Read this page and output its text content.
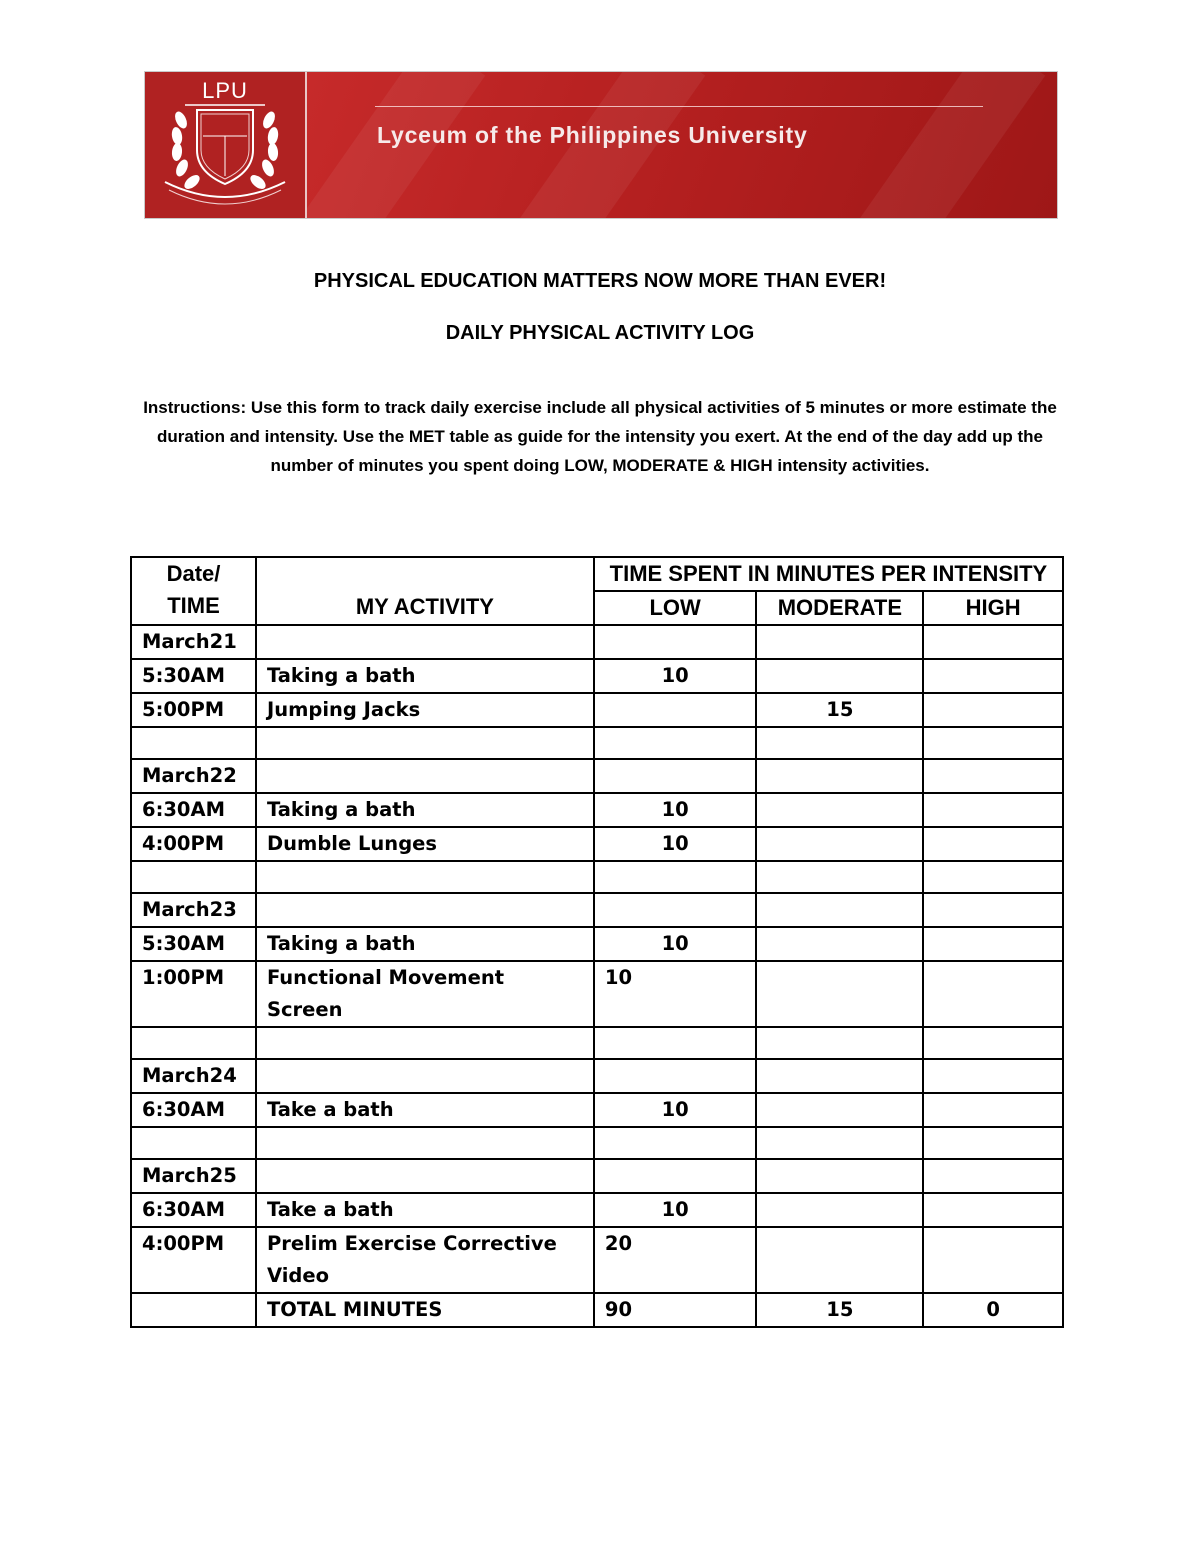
LPU
Lyceum of the Philippines University
PHYSICAL EDUCATION MATTERS NOW MORE THAN EVER!
DAILY PHYSICAL ACTIVITY LOG
Instructions: Use this form to track daily exercise include all physical activities of 5 minutes or more estimate the duration and intensity. Use the MET table as guide for the intensity you exert. At the end of the day add up the number of minutes you spent doing LOW, MODERATE & HIGH intensity activities.
Date/ TIME		TIME SPENT IN MINUTES PER INTENSITY		
	MY ACTIVITY	LOW	MODERATE	HIGH
March21				
5:30AM	Taking a bath	10		
5:00PM	Jumping Jacks		15	

March22				
6:30AM	Taking a bath	10		
4:00PM	Dumble Lunges	10		

March23				
5:30AM	Taking a bath	10		
1:00PM	Functional Movement Screen	10		

March24				
6:30AM	Take a bath	10		

March25				
6:30AM	Take a bath	10		
4:00PM	Prelim Exercise Corrective Video	20		
	TOTAL MINUTES	90	15	0
